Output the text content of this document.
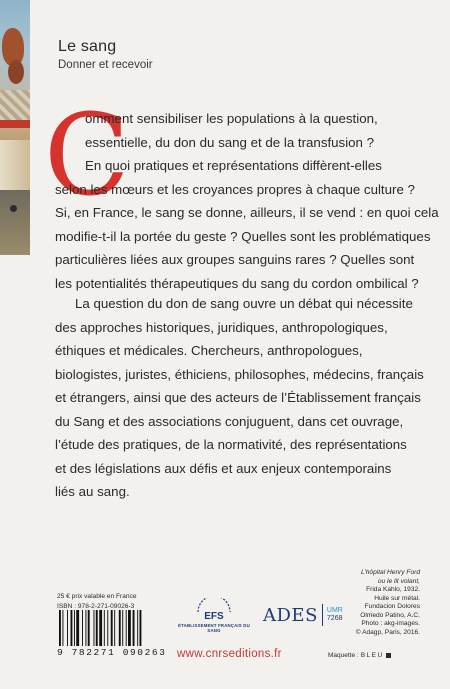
Le sang
Donner et recevoir
C
omment sensibiliser les populations à la question,
essentielle, du don du sang et de la transfusion ?
En quoi pratiques et représentations diffèrent-elles
selon les mœurs et les croyances propres à chaque culture ?
Si, en France, le sang se donne, ailleurs, il se vend : en quoi cela
modifie-t-il la portée du geste ? Quelles sont les problématiques
particulières liées aux groupes sanguins rares ? Quelles sont
les potentialités thérapeutiques du sang du cordon ombilical ?
La question du don de sang ouvre un débat qui nécessite
des approches historiques, juridiques, anthropologiques,
éthiques et médicales. Chercheurs, anthropologues,
biologistes, juristes, éthiciens, philosophes, médecins, français
et étrangers, ainsi que des acteurs de l’Établissement français
du Sang et des associations conjuguent, dans cet ouvrage,
l’étude des pratiques, de la normativité, des représentations
et des législations aux défis et aux enjeux contemporains
liés au sang.
25 € prix valable en France
ISBN : 978-2-271-09026-3
9 782271 090263
EFS
ÉTABLISSEMENT FRANÇAIS DU SANG
ADES UMR
7268
www.cnrseditions.fr
L’hôpital Henry Ford
ou le lit volant,
Frida Kahlo, 1932.
Huile sur métal.
Fundacion Dolores
Olmedo Patino, A.C.
Photo : akg-images.
© Adagp, Paris, 2016.
Maquette : BLEU
